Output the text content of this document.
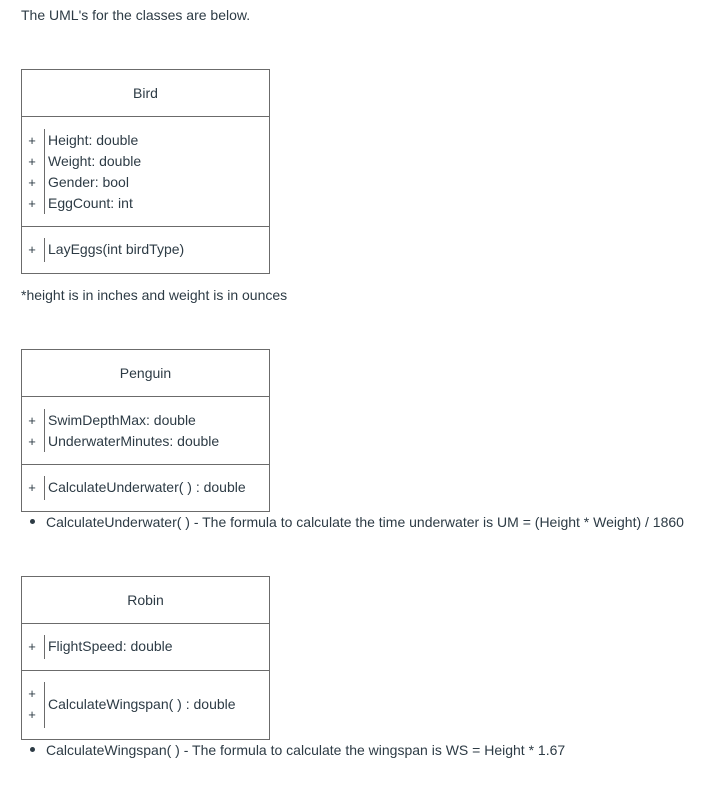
The UML's for the classes are below.
Bird
+ Height: double
+ Weight: double
+ Gender: bool
+ EggCount: int
+ LayEggs(int birdType)
*height is in inches and weight is in ounces
Penguin
+ SwimDepthMax: double
+ UnderwaterMinutes: double
+ CalculateUnderwater( ) : double
CalculateUnderwater( ) - The formula to calculate the time underwater is UM = (Height * Weight) / 1860
Robin
+ FlightSpeed: double
+
+
CalculateWingspan( ) : double
CalculateWingspan( ) - The formula to calculate the wingspan is WS = Height * 1.67
